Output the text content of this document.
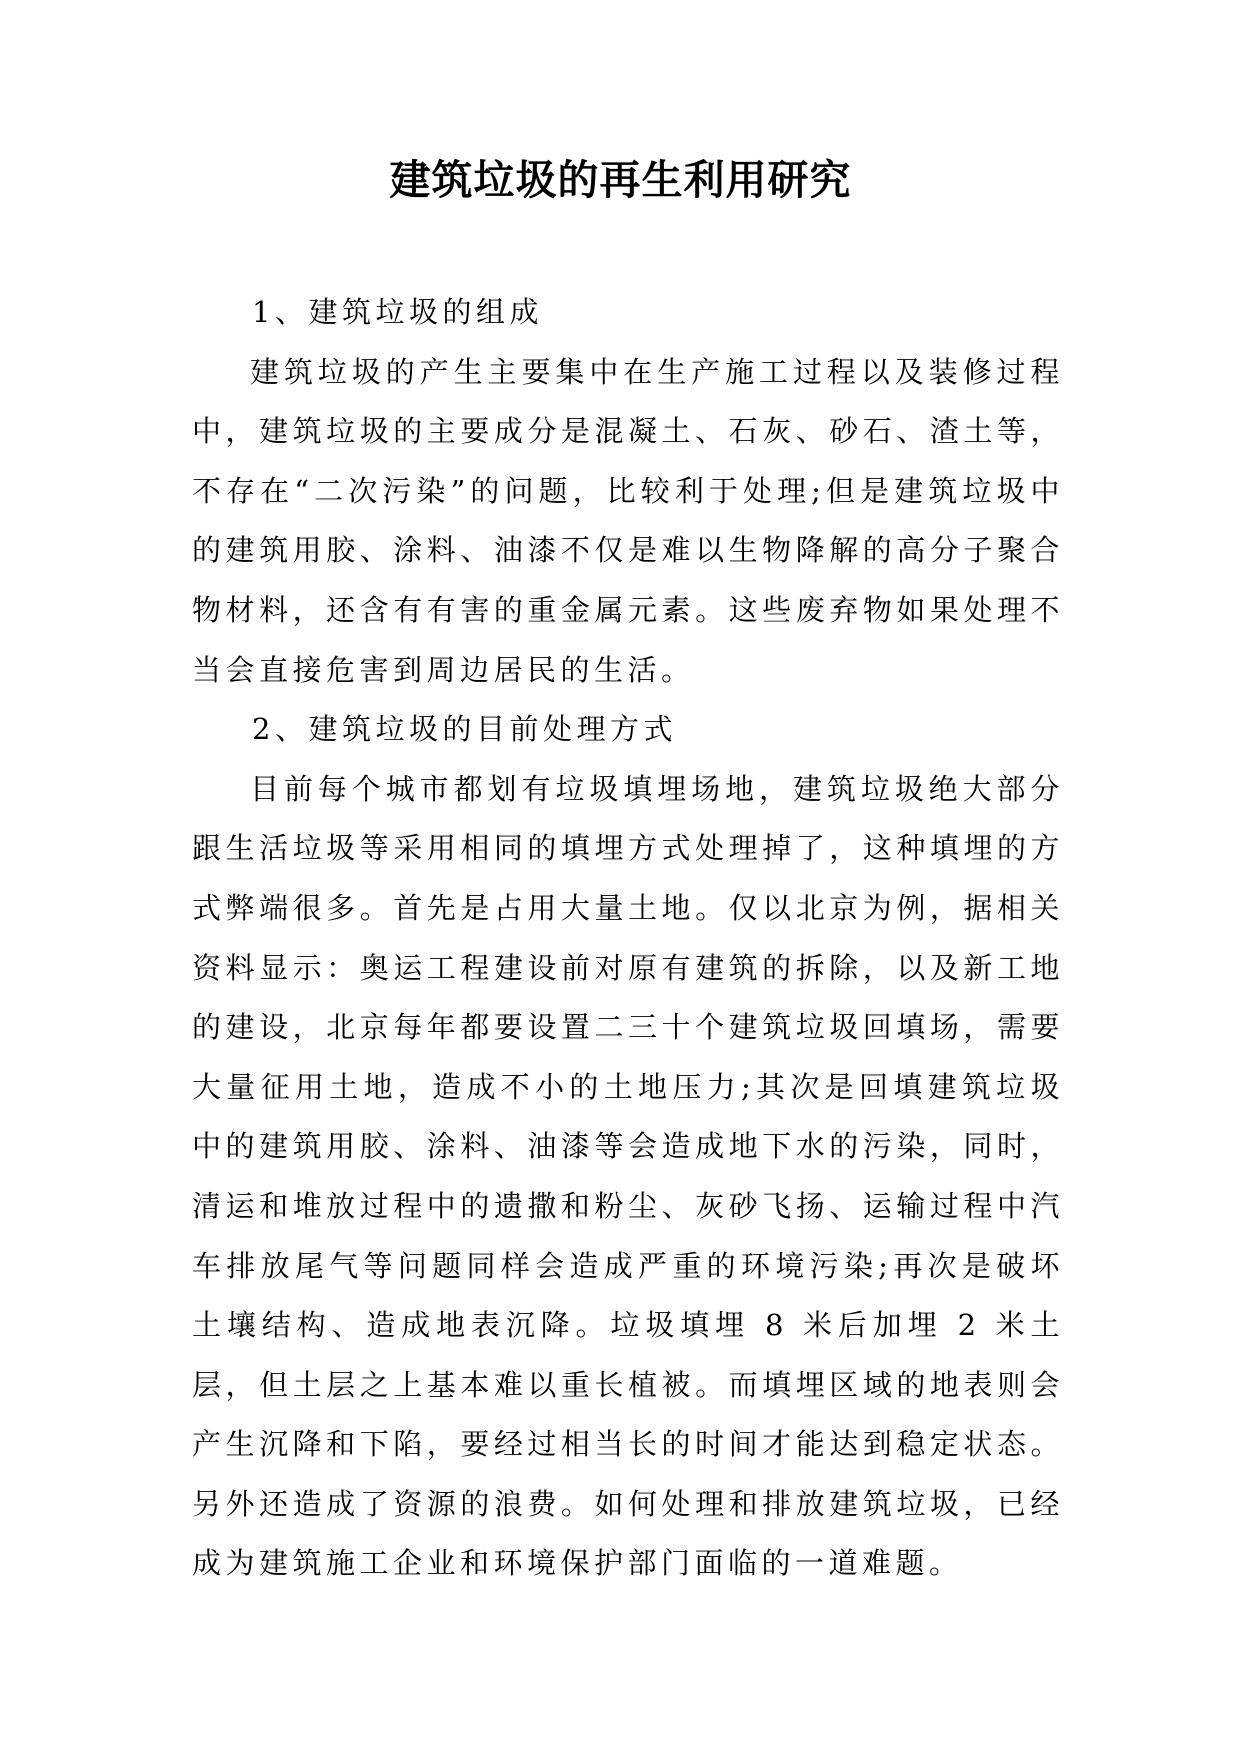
建筑垃圾的再生利用研究

1、建筑垃圾的组成

建筑垃圾的产生主要集中在生产施工过程以及装修过程中，建筑垃圾的主要成分是混凝土、石灰、砂石、渣土等，不存在“二次污染”的问题，比较利于处理;但是建筑垃圾中的建筑用胶、涂料、油漆不仅是难以生物降解的高分子聚合物材料，还含有有害的重金属元素。这些废弃物如果处理不当会直接危害到周边居民的生活。

2、建筑垃圾的目前处理方式

目前每个城市都划有垃圾填埋场地，建筑垃圾绝大部分跟生活垃圾等采用相同的填埋方式处理掉了，这种填埋的方式弊端很多。首先是占用大量土地。仅以北京为例，据相关资料显示：奥运工程建设前对原有建筑的拆除，以及新工地的建设，北京每年都要设置二三十个建筑垃圾回填场，需要大量征用土地，造成不小的土地压力;其次是回填建筑垃圾中的建筑用胶、涂料、油漆等会造成地下水的污染，同时，清运和堆放过程中的遗撒和粉尘、灰砂飞扬、运输过程中汽车排放尾气等问题同样会造成严重的环境污染;再次是破坏土壤结构、造成地表沉降。垃圾填埋 8 米后加埋 2 米土层，但土层之上基本难以重长植被。而填埋区域的地表则会产生沉降和下陷，要经过相当长的时间才能达到稳定状态。另外还造成了资源的浪费。如何处理和排放建筑垃圾，已经成为建筑施工企业和环境保护部门面临的一道难题。
